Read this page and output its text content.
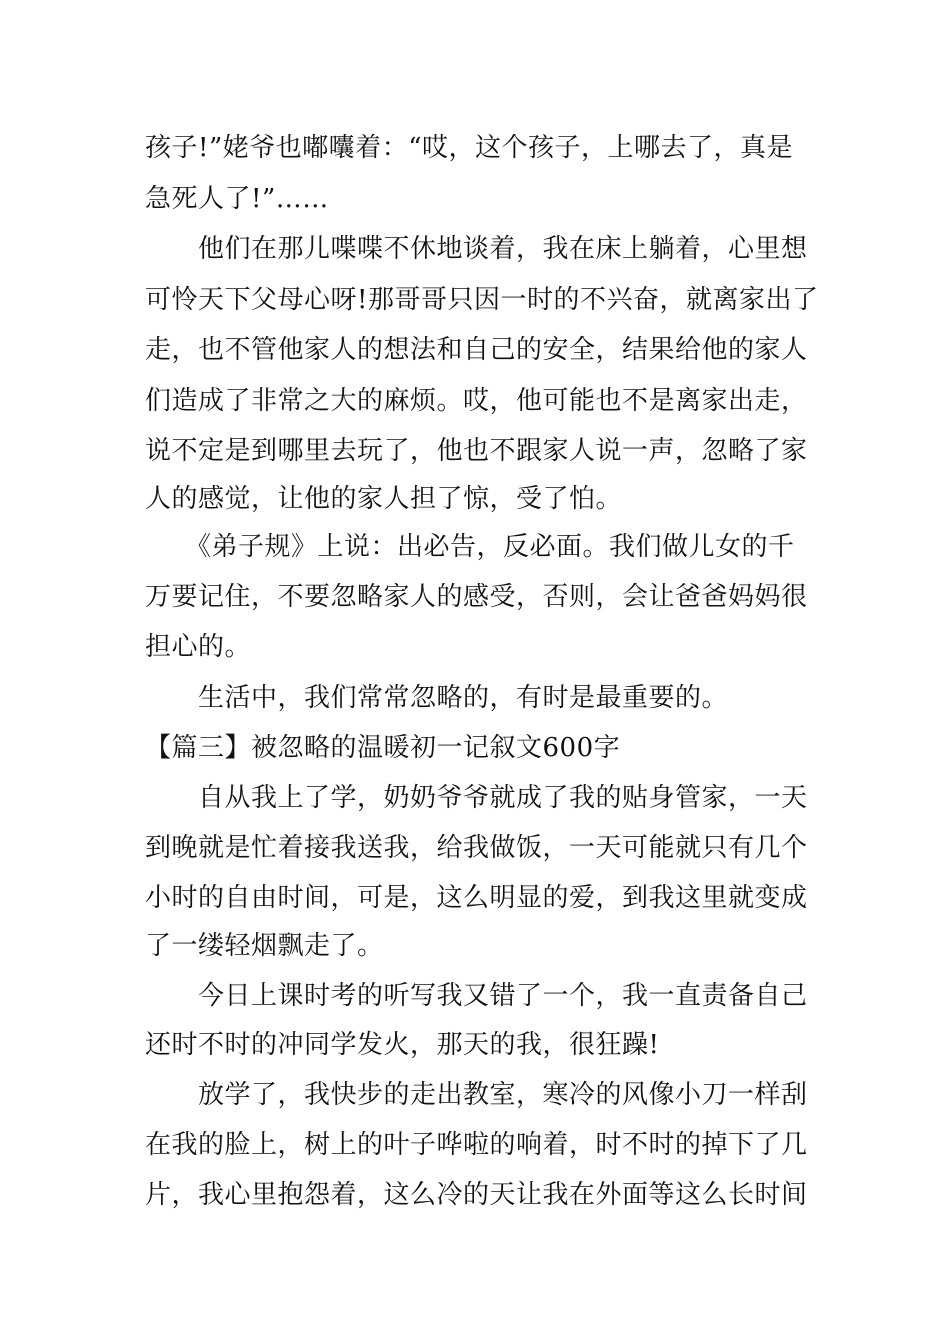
孩子!”姥爷也嘟囔着：“哎，这个孩子，上哪去了，真是
急死人了!”……
　　他们在那儿喋喋不休地谈着，我在床上躺着，心里想
可怜天下父母心呀!那哥哥只因一时的不兴奋，就离家出了
走，也不管他家人的想法和自己的安全，结果给他的家人
们造成了非常之大的麻烦。哎，他可能也不是离家出走，
说不定是到哪里去玩了，他也不跟家人说一声，忽略了家
人的感觉，让他的家人担了惊，受了怕。
　　《弟子规》上说：出必告，反必面。我们做儿女的千
万要记住，不要忽略家人的感受，否则，会让爸爸妈妈很
担心的。
　　生活中，我们常常忽略的，有时是最重要的。
【篇三】被忽略的温暖初一记叙文600字
　　自从我上了学，奶奶爷爷就成了我的贴身管家，一天
到晚就是忙着接我送我，给我做饭，一天可能就只有几个
小时的自由时间，可是，这么明显的爱，到我这里就变成
了一缕轻烟飘走了。
　　今日上课时考的听写我又错了一个，我一直责备自己
还时不时的冲同学发火，那天的我，很狂躁!
　　放学了，我快步的走出教室，寒冷的风像小刀一样刮
在我的脸上，树上的叶子哗啦的响着，时不时的掉下了几
片，我心里抱怨着，这么冷的天让我在外面等这么长时间
